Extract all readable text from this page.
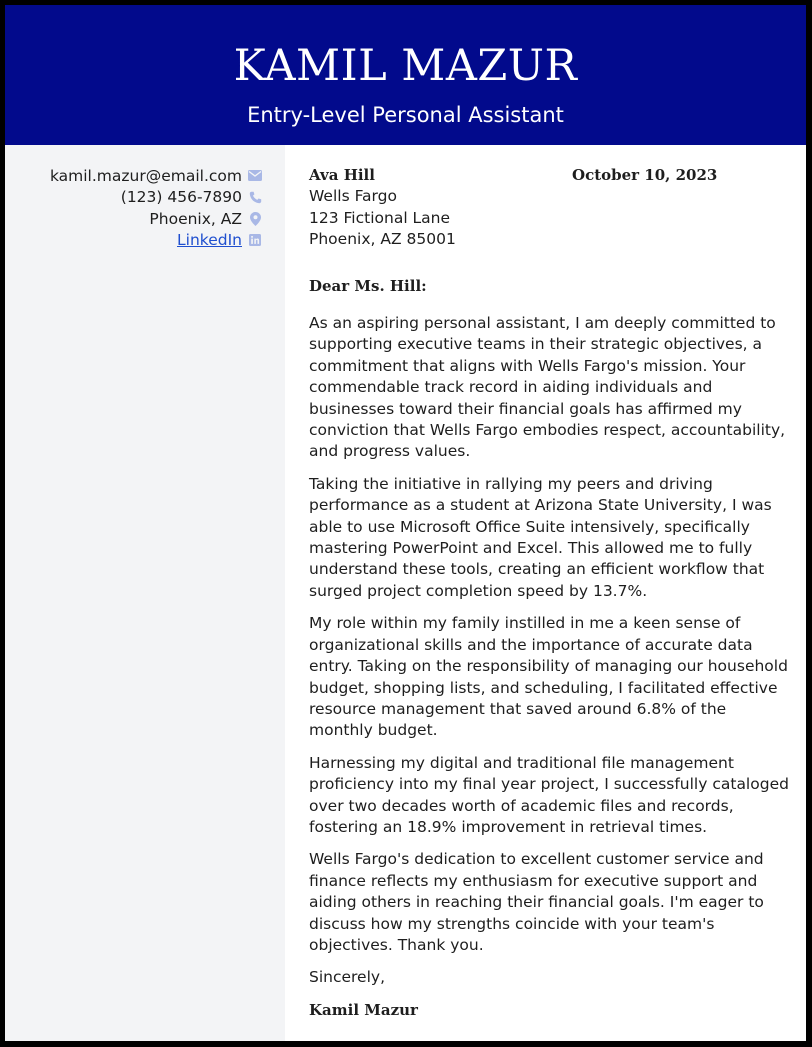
KAMIL MAZUR
Entry-Level Personal Assistant
kamil.mazur@email.com
(123) 456-7890
Phoenix, AZ
LinkedIn
Ava Hill
Wells Fargo
123 Fictional Lane
Phoenix, AZ 85001
October 10, 2023
Dear Ms. Hill:

As an aspiring personal assistant, I am deeply committed to supporting executive teams in their strategic objectives, a commitment that aligns with Wells Fargo's mission. Your commendable track record in aiding individuals and businesses toward their financial goals has affirmed my conviction that Wells Fargo embodies respect, accountability, and progress values.

Taking the initiative in rallying my peers and driving performance as a student at Arizona State University, I was able to use Microsoft Office Suite intensively, specifically mastering PowerPoint and Excel. This allowed me to fully understand these tools, creating an efficient workflow that surged project completion speed by 13.7%.

My role within my family instilled in me a keen sense of organizational skills and the importance of accurate data entry. Taking on the responsibility of managing our household budget, shopping lists, and scheduling, I facilitated effective resource management that saved around 6.8% of the monthly budget.

Harnessing my digital and traditional file management proficiency into my final year project, I successfully cataloged over two decades worth of academic files and records, fostering an 18.9% improvement in retrieval times.

Wells Fargo's dedication to excellent customer service and finance reflects my enthusiasm for executive support and aiding others in reaching their financial goals. I'm eager to discuss how my strengths coincide with your team's objectives. Thank you.

Sincerely,
Kamil Mazur
